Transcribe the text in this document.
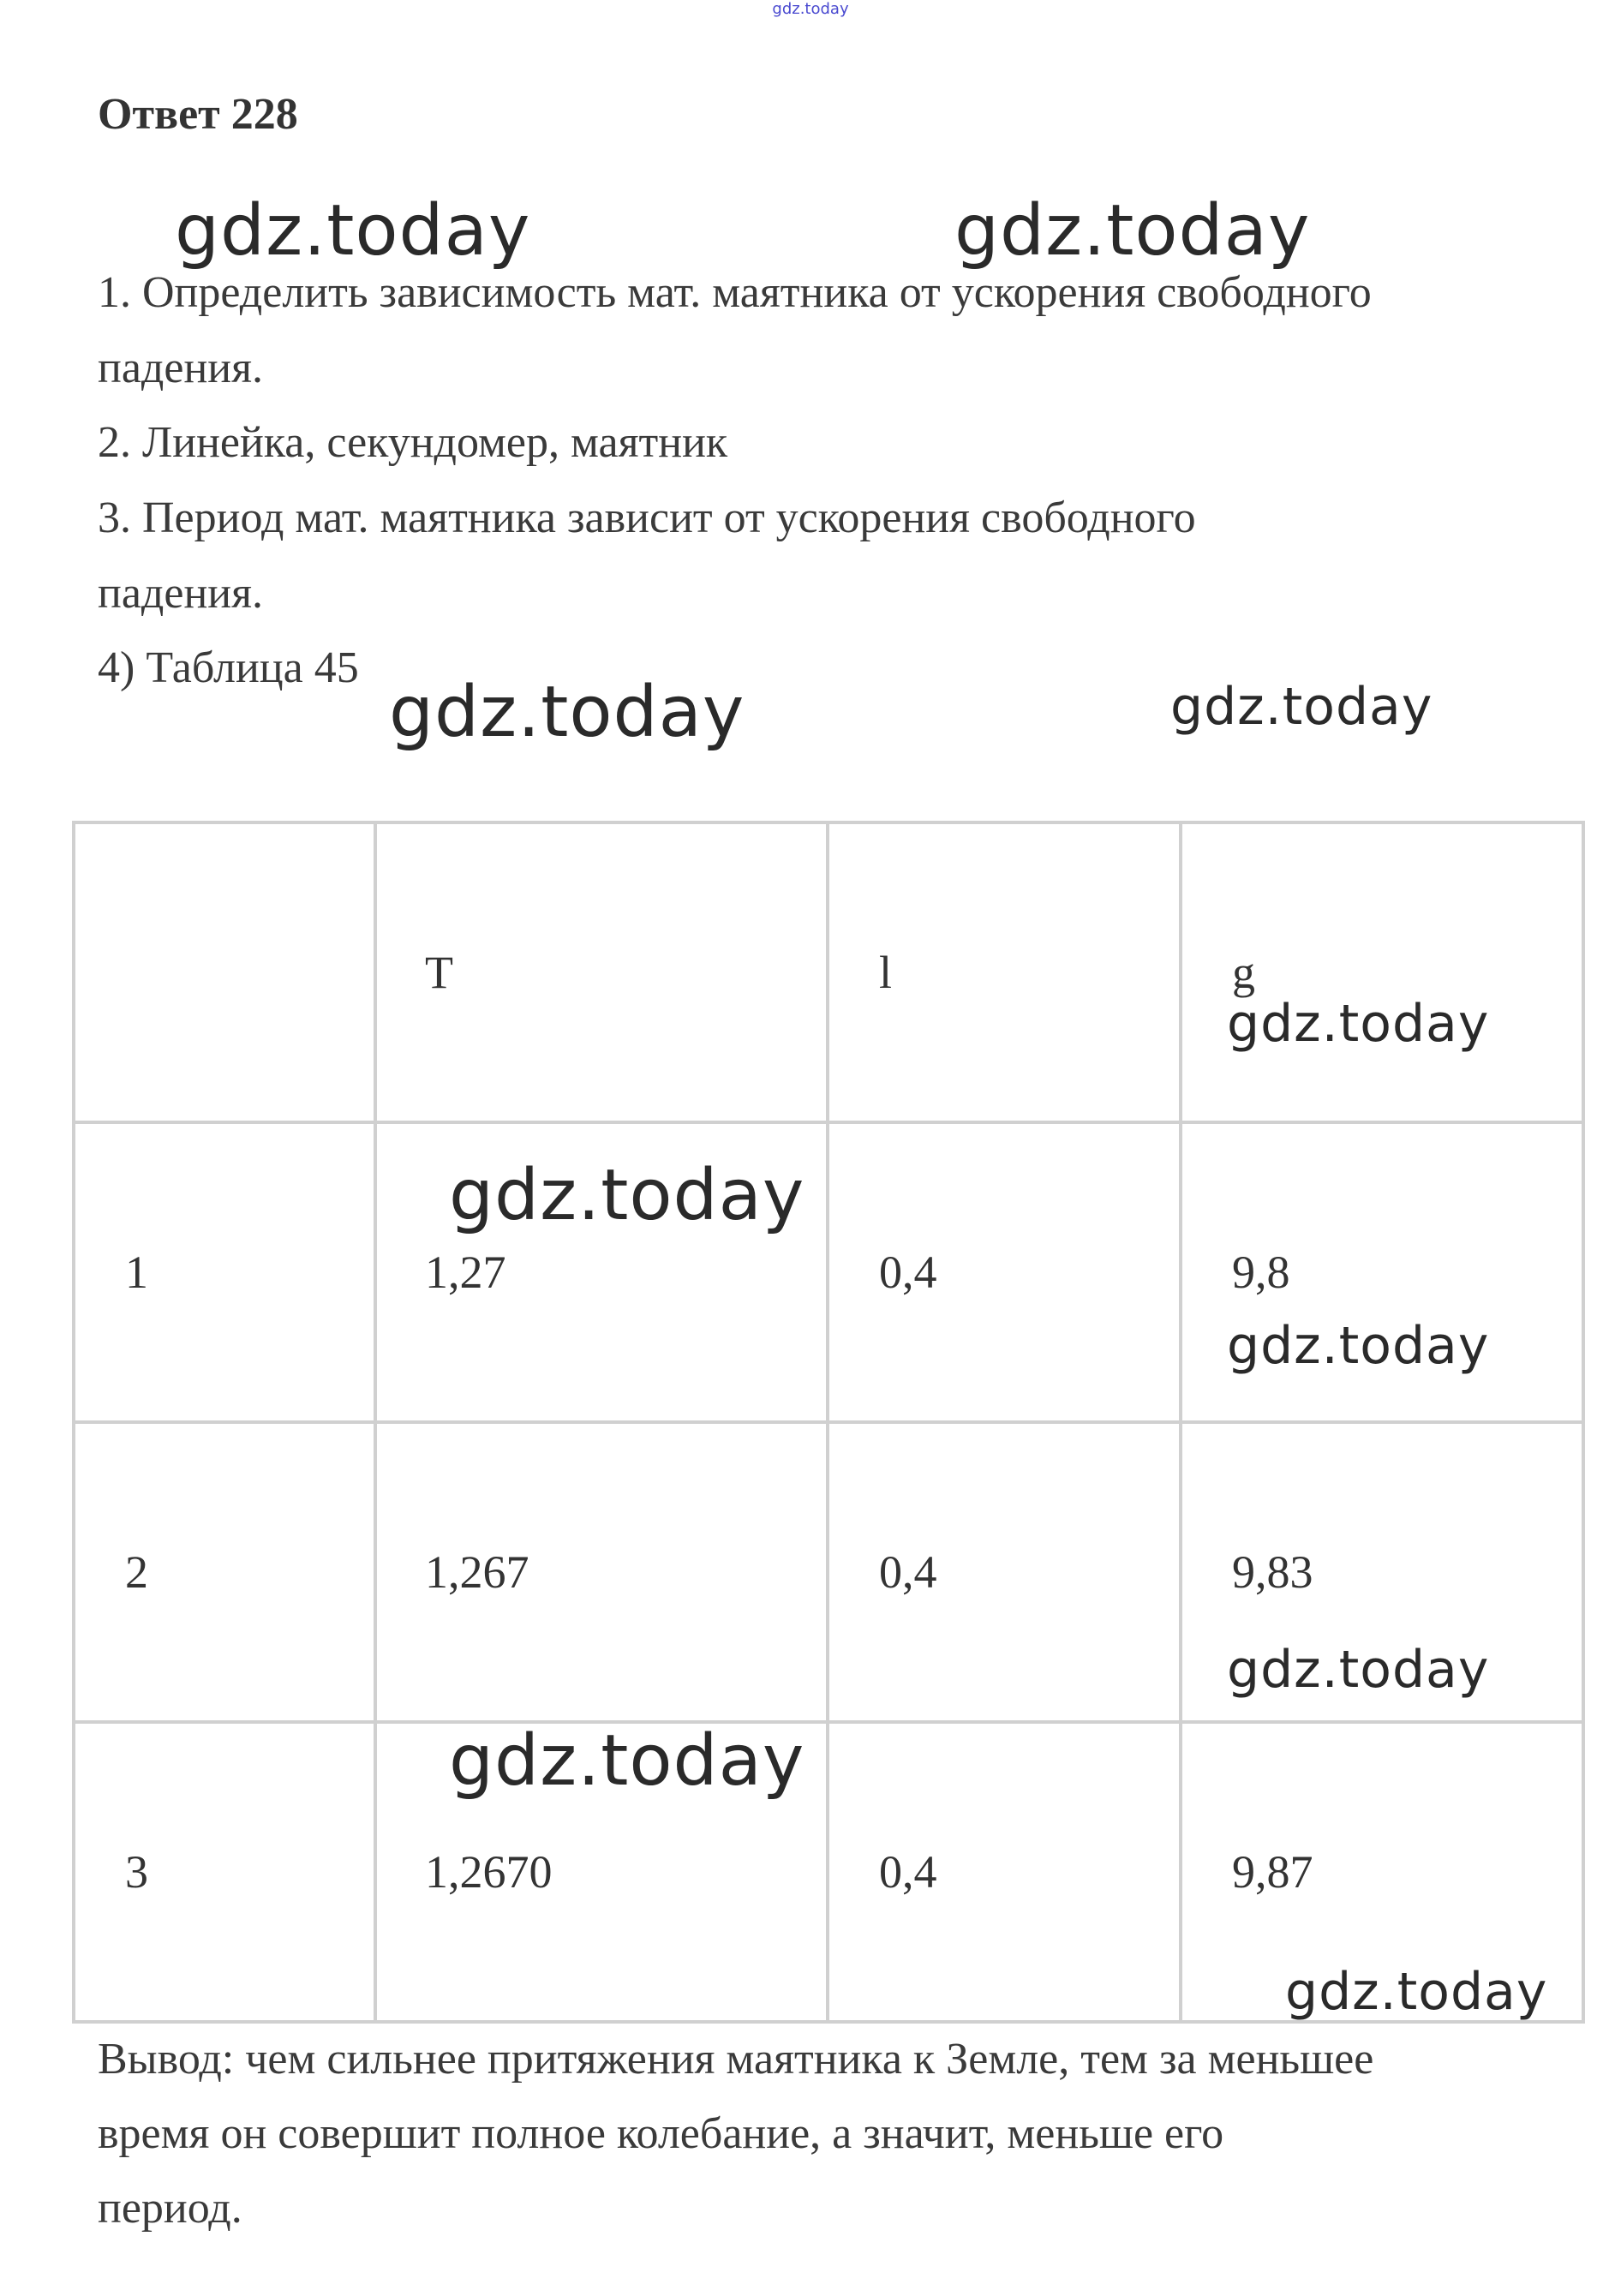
gdz.today
Ответ 228
gdz.today	gdz.today
1. Определить зависимость мат. маятника от ускорения свободного
падения.
2. Линейка, секундомер, маятник
3. Период мат. маятника зависит от ускорения свободного
падения.
4) Таблица 45
gdz.today	gdz.today

	T	l	g

1	1,27	0,4	9,8

2	1,267	0,4	9,83

3	1,2670	0,4	9,87
gdz.today
gdz.today
gdz.today
gdz.today
gdz.today
gdz.today
Вывод: чем сильнее притяжения маятника к Земле, тем за меньшее
время он совершит полное колебание, а значит, меньше его
период.
